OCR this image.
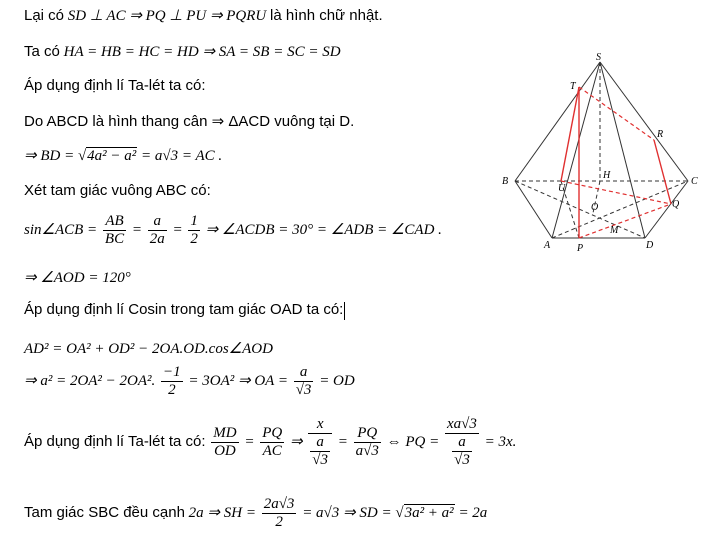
Lại có SD ⊥ AC ⇒ PQ ⊥ PU ⇒ PQRU là hình chữ nhật.
Ta có HA = HB = HC = HD ⇒ SA = SB = SC = SD
Áp dụng định lí Ta-lét ta có:
Do ABCD là hình thang cân ⇒ ΔACD vuông tại D.
⇒ BD = √4a² − a² = a√3 = AC .
Xét tam giác vuông ABC có:
sin∠ACB = $\frac{AB}{BC} = \frac{a}{2a} = \frac{1}{2}$ ⇒ ∠ACDB = 30° = ∠ADB = ∠CAD .
⇒ ∠AOD = 120°
Áp dụng định lí Cosin trong tam giác OAD ta có:
AD² = OA² + OD² − 2OA.OD.cos∠AOD
⇒ a² = 2OA² − 2OA². $\frac{-1}{2} = 3OA^2$ ⇒ OA = $\frac{a}{√3}$ = OD
Áp dụng định lí Ta-lét ta có: $\frac{MD}{OD} = \frac{PQ}{AC}$ ⇒ $\frac{x}{\frac{a}{√3}} = \frac{PQ}{a√3}$ ⇔ PQ = $\frac{xa√3}{\frac{a}{√3}} = 3x$.
Tam giác SBC đều cạnh 2a ⇒ SH = $\frac{2a√3}{2} = a√3$ ⇒ SD = √3a² + a² = 2a
S
T
R
B	C
U
H
O	Q
A	P
M
D
